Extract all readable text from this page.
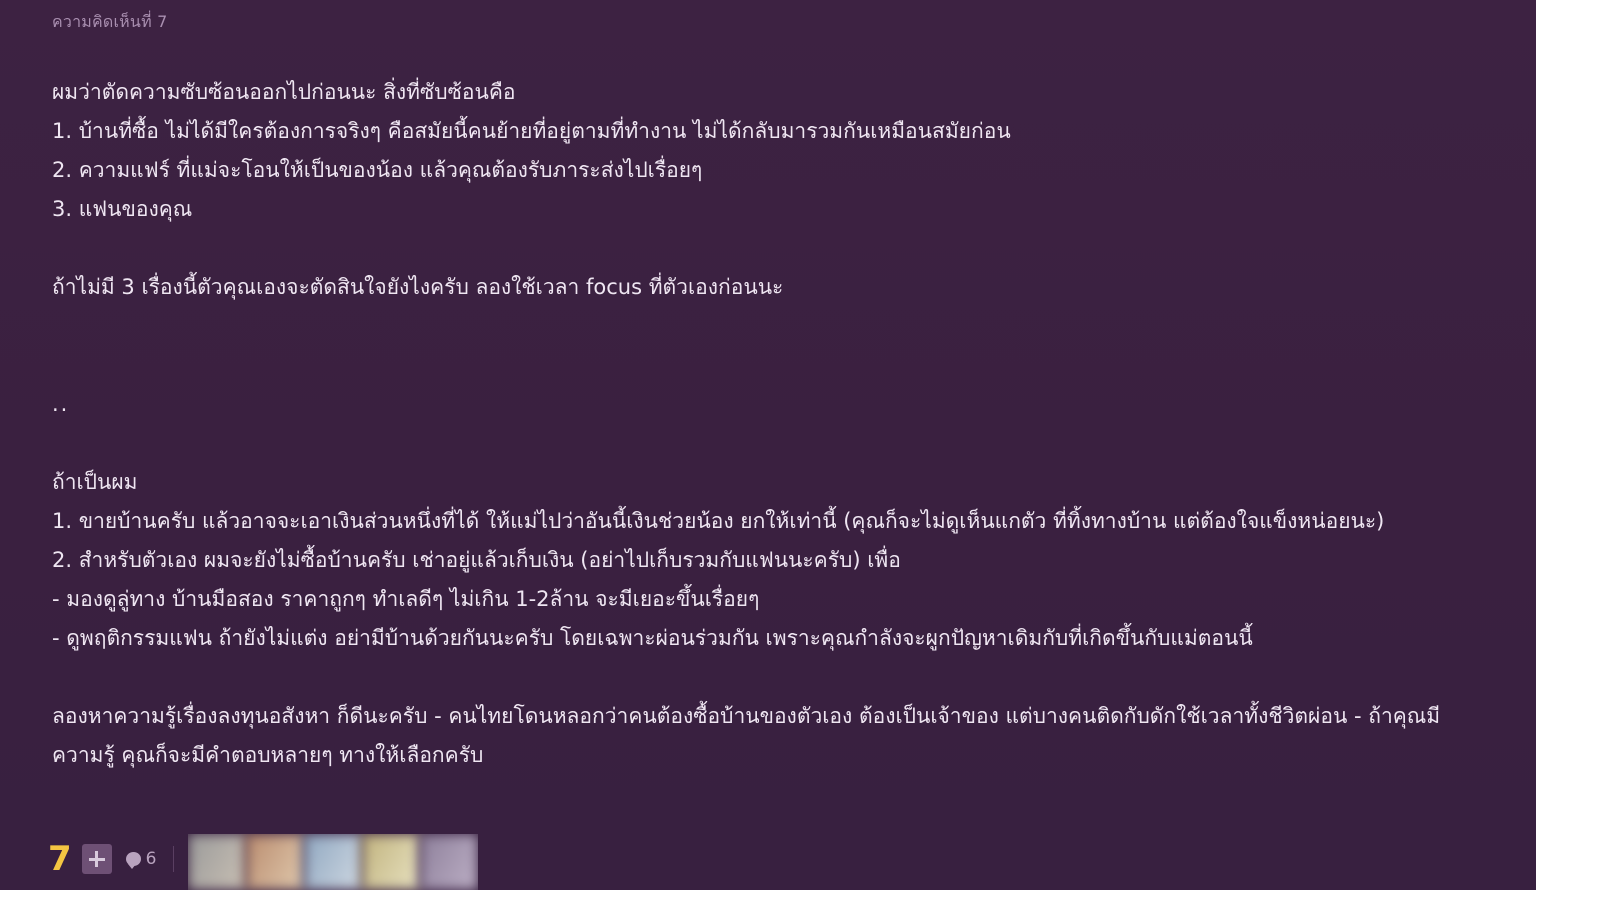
ความคิดเห็นที่ 7

ผมว่าตัดความซับซ้อนออกไปก่อนนะ สิ่งที่ซับซ้อนคือ

1. บ้านที่ซื้อ ไม่ได้มีใครต้องการจริงๆ คือสมัยนี้คนย้ายที่อยู่ตามที่ทำงาน ไม่ได้กลับมารวมกันเหมือนสมัยก่อน

2. ความแฟร์ ที่แม่จะโอนให้เป็นของน้อง แล้วคุณต้องรับภาระส่งไปเรื่อยๆ

3. แฟนของคุณ

ถ้าไม่มี 3 เรื่องนี้ตัวคุณเองจะตัดสินใจยังไงครับ ลองใช้เวลา focus ที่ตัวเองก่อนนะ

..

ถ้าเป็นผม

1. ขายบ้านครับ แล้วอาจจะเอาเงินส่วนหนึ่งที่ได้ ให้แม่ไปว่าอันนี้เงินช่วยน้อง ยกให้เท่านี้ (คุณก็จะไม่ดูเห็นแกตัว ที่ทิ้งทางบ้าน แต่ต้องใจแข็งหน่อยนะ)

2. สำหรับตัวเอง ผมจะยังไม่ซื้อบ้านครับ เช่าอยู่แล้วเก็บเงิน (อย่าไปเก็บรวมกับแฟนนะครับ) เพื่อ

- มองดูลู่ทาง บ้านมือสอง ราคาถูกๆ ทำเลดีๆ ไม่เกิน 1-2ล้าน จะมีเยอะขึ้นเรื่อยๆ

- ดูพฤติกรรมแฟน ถ้ายังไม่แต่ง อย่ามีบ้านด้วยกันนะครับ โดยเฉพาะผ่อนร่วมกัน เพราะคุณกำลังจะผูกปัญหาเดิมกับที่เกิดขึ้นกับแม่ตอนนี้

ลองหาความรู้เรื่องลงทุนอสังหา ก็ดีนะครับ - คนไทยโดนหลอกว่าคนต้องซื้อบ้านของตัวเอง ต้องเป็นเจ้าของ แต่บางคนติดกับดักใช้เวลาทั้งชีวิตผ่อน - ถ้าคุณมีความรู้ คุณก็จะมีคำตอบหลายๆ ทางให้เลือกครับ

7	6
